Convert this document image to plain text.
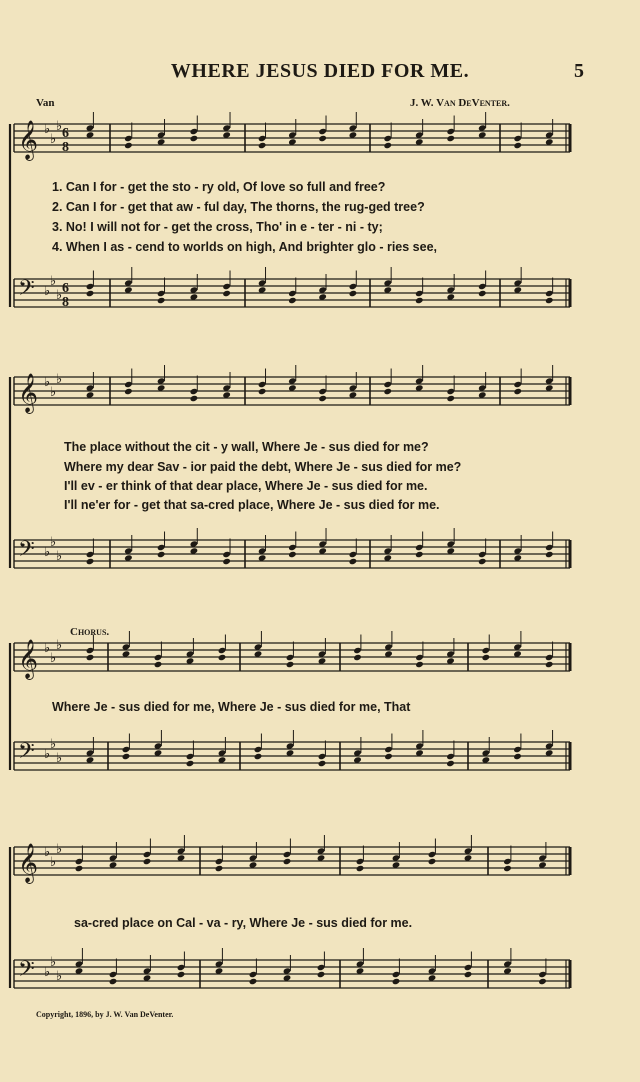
WHERE JESUS DIED FOR ME.	5
Van	J. W. Van DeVenter.
𝄞 ♭
♭
♭
𝄢 ♭
♭
♭
6
8
6
8
𝄞 ♭
♭
♭
𝄢 ♭
♭
♭
𝄞 ♭
♭
♭
𝄢 ♭
♭
♭
𝄞 ♭
♭
♭
𝄢 ♭
♭
♭
1. Can I for - get the sto - ry old, Of love so full and free?
2. Can I for - get that aw - ful day, The thorns, the rug-ged tree?
3. No! I will not for - get the cross, Tho' in e - ter - ni - ty;
4. When I as - cend to worlds on high, And brighter glo - ries see,
The place without the cit - y wall, Where Je - sus died for me?
Where my dear Sav - ior paid the debt, Where Je - sus died for me?
I'll ev - er think of that dear place, Where Je - sus died for me.
I'll ne'er for - get that sa-cred place, Where Je - sus died for me.
Chorus.
Where Je - sus died for me, Where Je - sus died for me, That
sa-cred place on Cal - va - ry, Where Je - sus died for me.
Copyright, 1896, by J. W. Van DeVenter.
